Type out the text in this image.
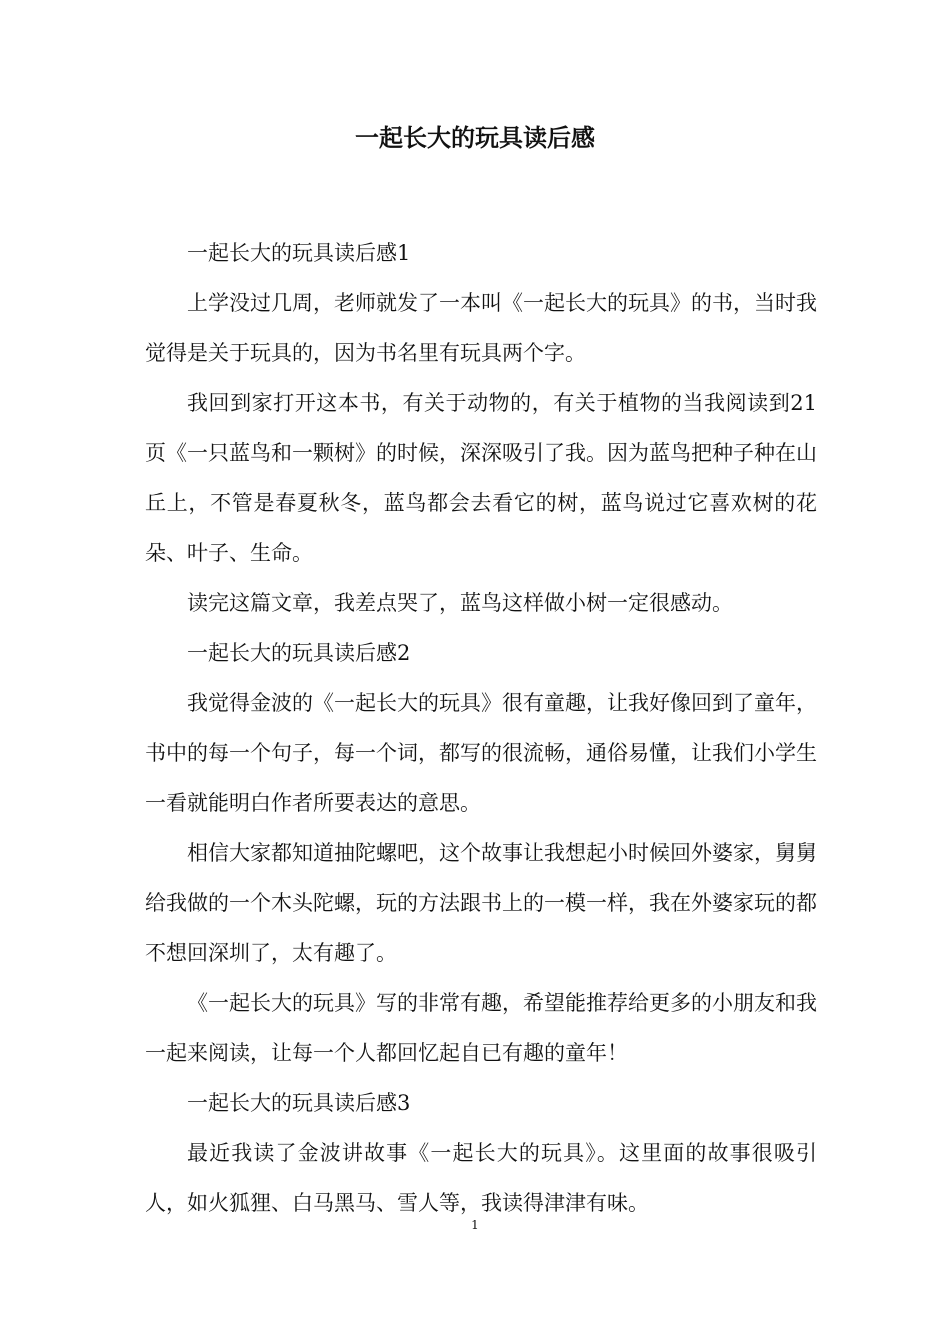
一起长大的玩具读后感

一起长大的玩具读后感1

上学没过几周，老师就发了一本叫《一起长大的玩具》的书，当时我觉得是关于玩具的，因为书名里有玩具两个字。

我回到家打开这本书，有关于动物的，有关于植物的当我阅读到21页《一只蓝鸟和一颗树》的时候，深深吸引了我。因为蓝鸟把种子种在山丘上，不管是春夏秋冬，蓝鸟都会去看它的树，蓝鸟说过它喜欢树的花朵、叶子、生命。

读完这篇文章，我差点哭了，蓝鸟这样做小树一定很感动。

一起长大的玩具读后感2

我觉得金波的《一起长大的玩具》很有童趣，让我好像回到了童年，书中的每一个句子，每一个词，都写的很流畅，通俗易懂，让我们小学生一看就能明白作者所要表达的意思。

相信大家都知道抽陀螺吧，这个故事让我想起小时候回外婆家，舅舅给我做的一个木头陀螺，玩的方法跟书上的一模一样，我在外婆家玩的都不想回深圳了，太有趣了。

《一起长大的玩具》写的非常有趣，希望能推荐给更多的小朋友和我一起来阅读，让每一个人都回忆起自已有趣的童年！

一起长大的玩具读后感3

最近我读了金波讲故事《一起长大的玩具》。这里面的故事很吸引人，如火狐狸、白马黑马、雪人等，我读得津津有味。

1
